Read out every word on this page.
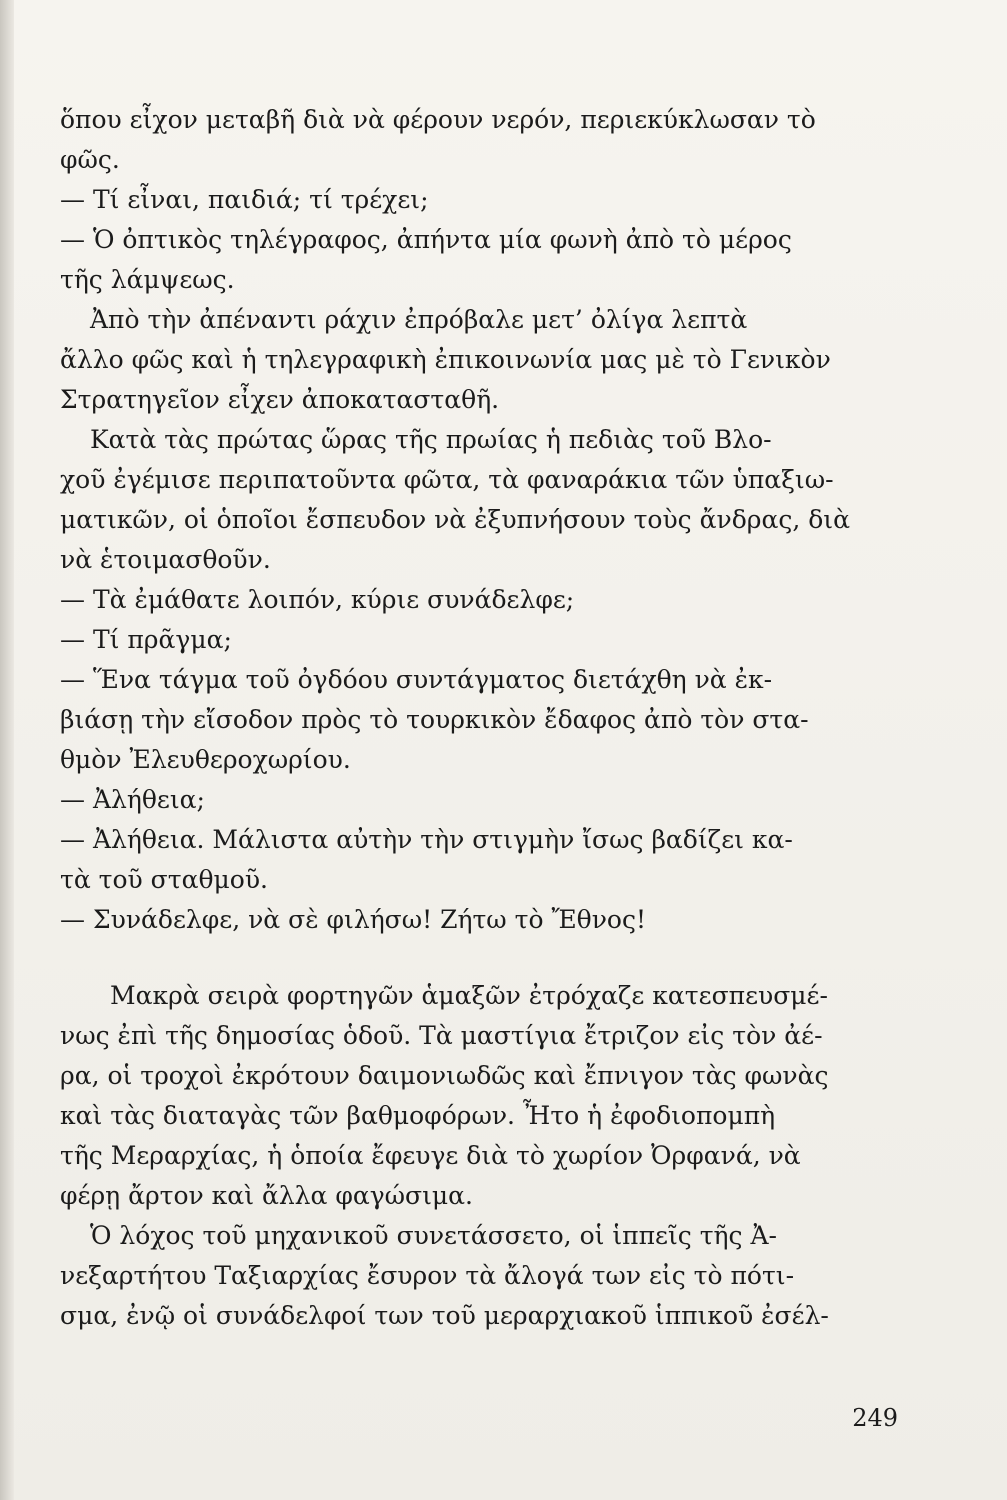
ὅπου εἶχον μεταβῆ διὰ νὰ φέρουν νερόν, περιεκύκλωσαν τὸ
φῶς.
— Τί εἶναι, παιδιά; τί τρέχει;
— Ὁ ὀπτικὸς τηλέγραφος, ἀπήντα μία φωνὴ ἀπὸ τὸ μέρος
τῆς λάμψεως.
Ἀπὸ τὴν ἀπέναντι ράχιν ἐπρόβαλε μετ’ ὀλίγα λεπτὰ
ἄλλο φῶς καὶ ἡ τηλεγραφικὴ ἐπικοινωνία μας μὲ τὸ Γενικὸν
Στρατηγεῖον εἶχεν ἀποκατασταθῆ.
Κατὰ τὰς πρώτας ὥρας τῆς πρωίας ἡ πεδιὰς τοῦ Βλο-
χοῦ ἐγέμισε περιπατοῦντα φῶτα, τὰ φαναράκια τῶν ὑπαξιω-
ματικῶν, οἱ ὁποῖοι ἔσπευδον νὰ ἐξυπνήσουν τοὺς ἄνδρας, διὰ
νὰ ἑτοιμασθοῦν.
— Τὰ ἐμάθατε λοιπόν, κύριε συνάδελφε;
— Τί πρᾶγμα;
— Ἕνα τάγμα τοῦ ὀγδόου συντάγματος διετάχθη νὰ ἐκ-
βιάσῃ τὴν εἴσοδον πρὸς τὸ τουρκικὸν ἔδαφος ἀπὸ τὸν στα-
θμὸν Ἐλευθεροχωρίου.
— Ἀλήθεια;
— Ἀλήθεια. Μάλιστα αὐτὴν τὴν στιγμὴν ἴσως βαδίζει κα-
τὰ τοῦ σταθμοῦ.
— Συνάδελφε, νὰ σὲ φιλήσω! Ζήτω τὸ Ἔθνος!
Μακρὰ σειρὰ φορτηγῶν ἁμαξῶν ἐτρόχαζε κατεσπευσμέ-
νως ἐπὶ τῆς δημοσίας ὁδοῦ. Τὰ μαστίγια ἔτριζον εἰς τὸν ἀέ-
ρα, οἱ τροχοὶ ἐκρότουν δαιμονιωδῶς καὶ ἔπνιγον τὰς φωνὰς
καὶ τὰς διαταγὰς τῶν βαθμοφόρων. Ἦτο ἡ ἐφοδιοπομπὴ
τῆς Μεραρχίας, ἡ ὁποία ἔφευγε διὰ τὸ χωρίον Ὀρφανά, νὰ
φέρῃ ἄρτον καὶ ἄλλα φαγώσιμα.
Ὁ λόχος τοῦ μηχανικοῦ συνετάσσετο, οἱ ἱππεῖς τῆς Ἀ-
νεξαρτήτου Ταξιαρχίας ἔσυρον τὰ ἄλογά των εἰς τὸ πότι-
σμα, ἐνῷ οἱ συνάδελφοί των τοῦ μεραρχιακοῦ ἱππικοῦ ἐσέλ-
249
